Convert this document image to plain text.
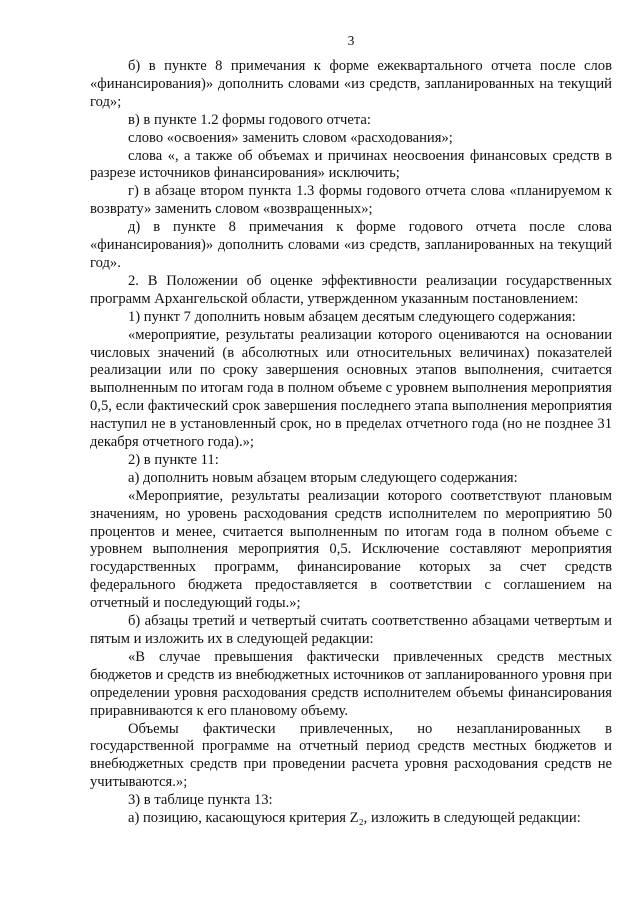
3

б) в пункте 8 примечания к форме ежеквартального отчета после слов «финансирования)» дополнить словами «из средств, запланированных на текущий год»;

в) в пункте 1.2 формы годового отчета:

слово «освоения» заменить словом «расходования»;

слова «, а также об объемах и причинах неосвоения финансовых средств в разрезе источников финансирования» исключить;

г) в абзаце втором пункта 1.3 формы годового отчета слова «планируемом к возврату» заменить словом «возвращенных»;

д) в пункте 8 примечания к форме годового отчета после слова «финансирования)» дополнить словами «из средств, запланированных на текущий год».

2. В Положении об оценке эффективности реализации государственных программ Архангельской области, утвержденном указанным постановлением:

1) пункт 7 дополнить новым абзацем десятым следующего содержания:

«мероприятие, результаты реализации которого оцениваются на основании числовых значений (в абсолютных или относительных величинах) показателей реализации или по сроку завершения основных этапов выполнения, считается выполненным по итогам года в полном объеме с уровнем выполнения мероприятия 0,5, если фактический срок завершения последнего этапа выполнения мероприятия наступил не в установленный срок, но в пределах отчетного года (но не позднее 31 декабря отчетного года).»;

2) в пункте 11:

а) дополнить новым абзацем вторым следующего содержания:

«Мероприятие, результаты реализации которого соответствуют плановым значениям, но уровень расходования средств исполнителем по мероприятию 50 процентов и менее, считается выполненным по итогам года в полном объеме с уровнем выполнения мероприятия 0,5. Исключение составляют мероприятия государственных программ, финансирование которых за счет средств федерального бюджета предоставляется в соответствии с соглашением на отчетный и последующий годы.»;

б) абзацы третий и четвертый считать соответственно абзацами четвертым и пятым и изложить их в следующей редакции:

«В случае превышения фактически привлеченных средств местных бюджетов и средств из внебюджетных источников от запланированного уровня при определении уровня расходования средств исполнителем объемы финансирования приравниваются к его плановому объему.

Объемы фактически привлеченных, но незапланированных в государственной программе на отчетный период средств местных бюджетов и внебюджетных средств при проведении расчета уровня расходования средств не учитываются.»;

3) в таблице пункта 13:

а) позицию, касающуюся критерия Z₂, изложить в следующей редакции:
